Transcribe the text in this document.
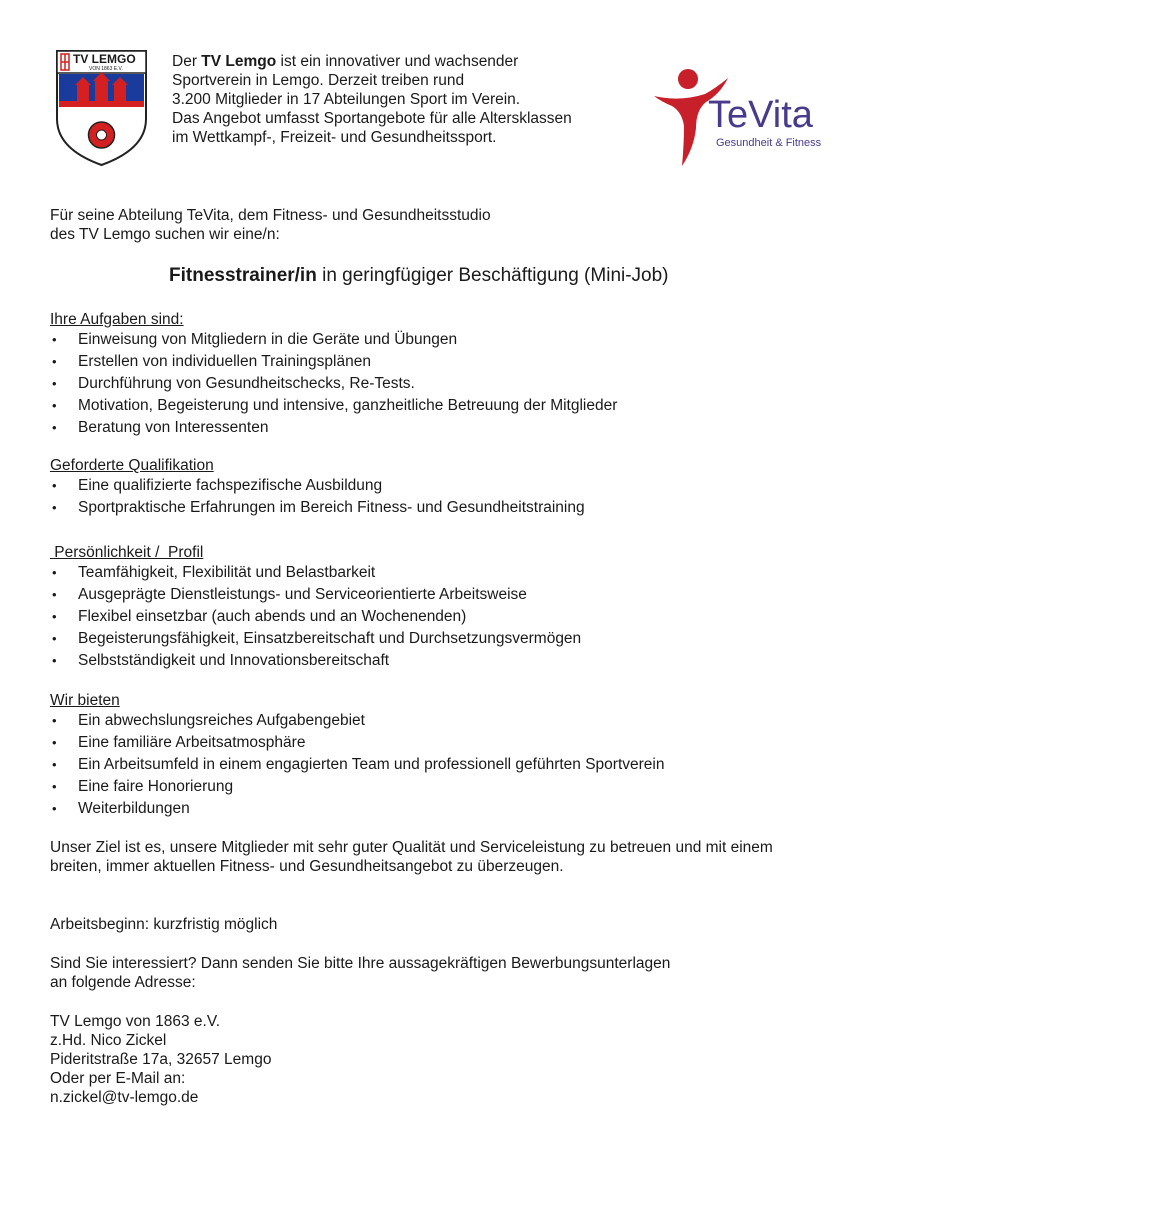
TV LEMGO
VON 1863 E.V.	Der TV Lemgo ist ein innovativer und wachsender
Sportverein in Lemgo. Derzeit treiben rund
3.200 Mitglieder in 17 Abteilungen Sport im Verein.
Das Angebot umfasst Sportangebote für alle Altersklassen
im Wettkampf-, Freizeit- und Gesundheitssport.
TeVita
Gesundheit & Fitness
Für seine Abteilung TeVita, dem Fitness- und Gesundheitsstudio
des TV Lemgo suchen wir eine/n:
Fitnesstrainer/in in geringfügiger Beschäftigung (Mini-Job)
Ihre Aufgaben sind:
• Einweisung von Mitgliedern in die Geräte und Übungen
• Erstellen von individuellen Trainingsplänen
• Durchführung von Gesundheitschecks, Re-Tests.
• Motivation, Begeisterung und intensive, ganzheitliche Betreuung der Mitglieder
• Beratung von Interessenten
Geforderte Qualifikation
• Eine qualifizierte fachspezifische Ausbildung
• Sportpraktische Erfahrungen im Bereich Fitness- und Gesundheitstraining
Persönlichkeit /  Profil
• Teamfähigkeit, Flexibilität und Belastbarkeit
• Ausgeprägte Dienstleistungs- und Serviceorientierte Arbeitsweise
• Flexibel einsetzbar (auch abends und an Wochenenden)
• Begeisterungsfähigkeit, Einsatzbereitschaft und Durchsetzungsvermögen
• Selbstständigkeit und Innovationsbereitschaft
Wir bieten
• Ein abwechslungsreiches Aufgabengebiet
• Eine familiäre Arbeitsatmosphäre
• Ein Arbeitsumfeld in einem engagierten Team und professionell geführten Sportverein
• Eine faire Honorierung
• Weiterbildungen
Unser Ziel ist es, unsere Mitglieder mit sehr guter Qualität und Serviceleistung zu betreuen und mit einem
breiten, immer aktuellen Fitness- und Gesundheitsangebot zu überzeugen.
Arbeitsbeginn: kurzfristig möglich
Sind Sie interessiert? Dann senden Sie bitte Ihre aussagekräftigen Bewerbungsunterlagen
an folgende Adresse:
TV Lemgo von 1863 e.V.
z.Hd. Nico Zickel
Pideritstraße 17a, 32657 Lemgo
Oder per E-Mail an:
n.zickel@tv-lemgo.de
